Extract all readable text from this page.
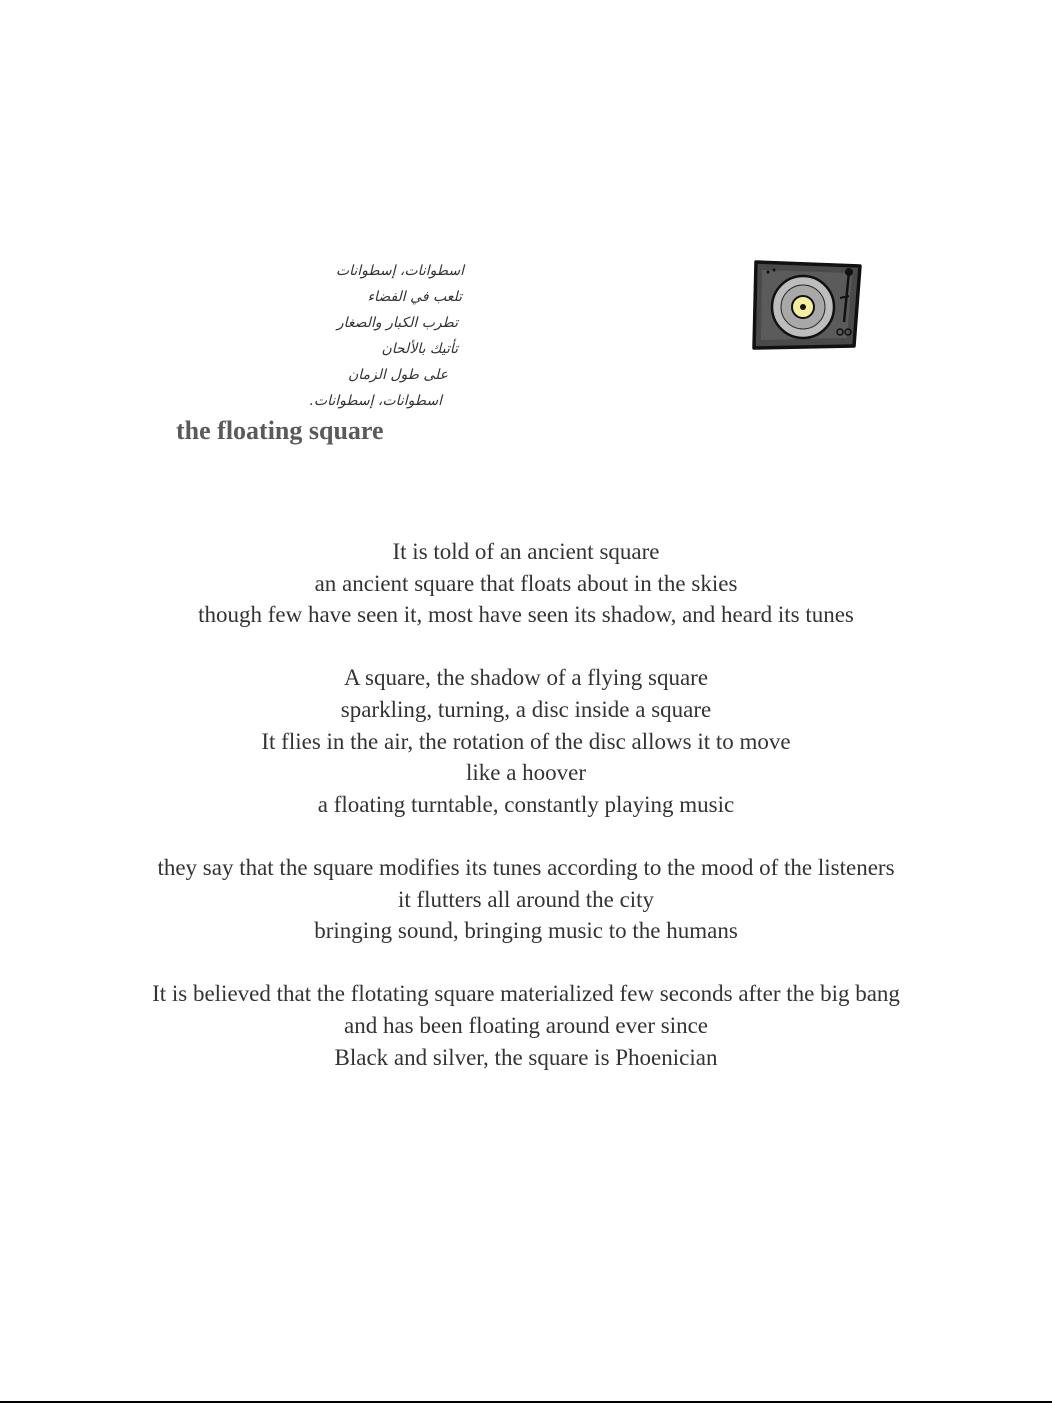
اسطوانات، إسطوانات
تلعب في الفضاء
تطرب الكبار والصغار
تأتيك بالألحان
على طول الزمان
اسطوانات، إسطوانات.
the floating square
It is told of an ancient square
an ancient square that floats about in the skies
though few have seen it, most have seen its shadow, and heard its tunes
A square, the shadow of a flying square
sparkling, turning, a disc inside a square
It flies in the air, the rotation of the disc allows it to move
like a hoover
a floating turntable, constantly playing music
they say that the square modifies its tunes according to the mood of the listeners
it flutters all around the city
bringing sound, bringing music to the humans
It is believed that the flotating square materialized few seconds after the big bang
and has been floating around ever since
Black and silver, the square is Phoenician
